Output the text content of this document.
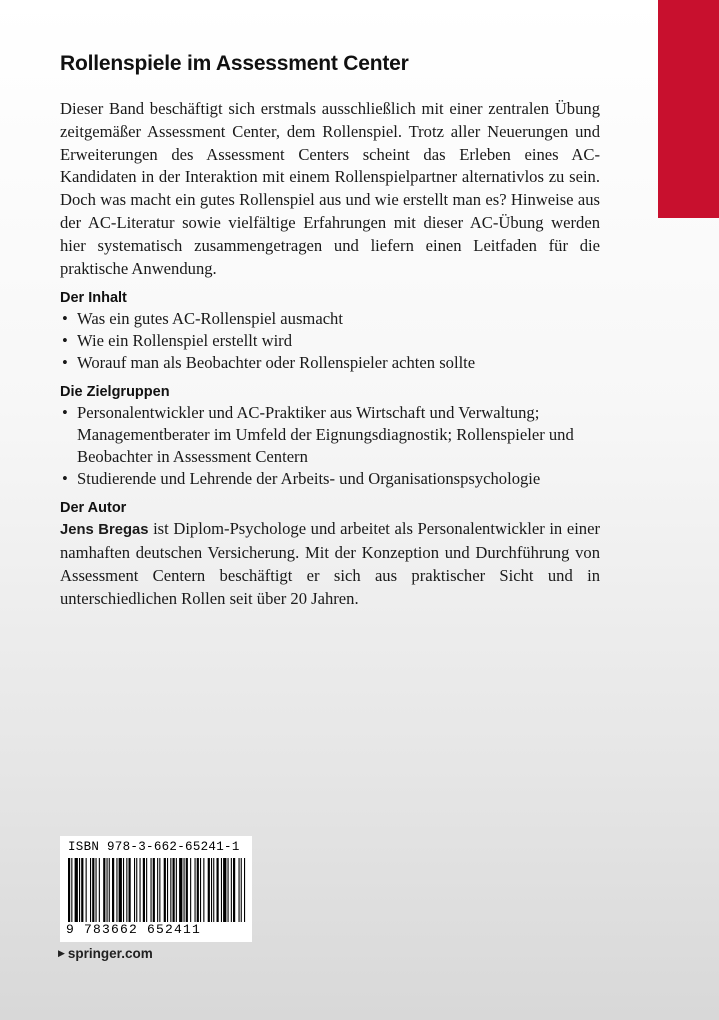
Rollenspiele im Assessment Center

Dieser Band beschäftigt sich erstmals ausschließlich mit einer zentralen Übung zeitgemäßer Assessment Center, dem Rollenspiel. Trotz aller Neuerungen und Erweiterungen des Assessment Centers scheint das Erleben eines AC-Kandidaten in der Interaktion mit einem Rollenspielpartner alternativlos zu sein. Doch was macht ein gutes Rollenspiel aus und wie erstellt man es? Hinweise aus der AC-Literatur sowie vielfältige Erfahrungen mit dieser AC-Übung werden hier systematisch zusammengetragen und liefern einen Leitfaden für die praktische Anwendung.

Der Inhalt
• Was ein gutes AC-Rollenspiel ausmacht
• Wie ein Rollenspiel erstellt wird
• Worauf man als Beobachter oder Rollenspieler achten sollte
Die Zielgruppen
• Personalentwickler und AC-Praktiker aus Wirtschaft und Verwaltung; Managementberater im Umfeld der Eignungsdiagnostik; Rollenspieler und Beobachter in Assessment Centern
• Studierende und Lehrende der Arbeits- und Organisationspsychologie
Der Autor

Jens Bregas ist Diplom-Psychologe und arbeitet als Personalentwickler in einer namhaften deutschen Versicherung. Mit der Konzeption und Durchführung von Assessment Centern beschäftigt er sich aus praktischer Sicht und in unterschiedlichen Rollen seit über 20 Jahren.

ISBN 978-3-662-65241-1
9 783662 652411
▶ springer.com
